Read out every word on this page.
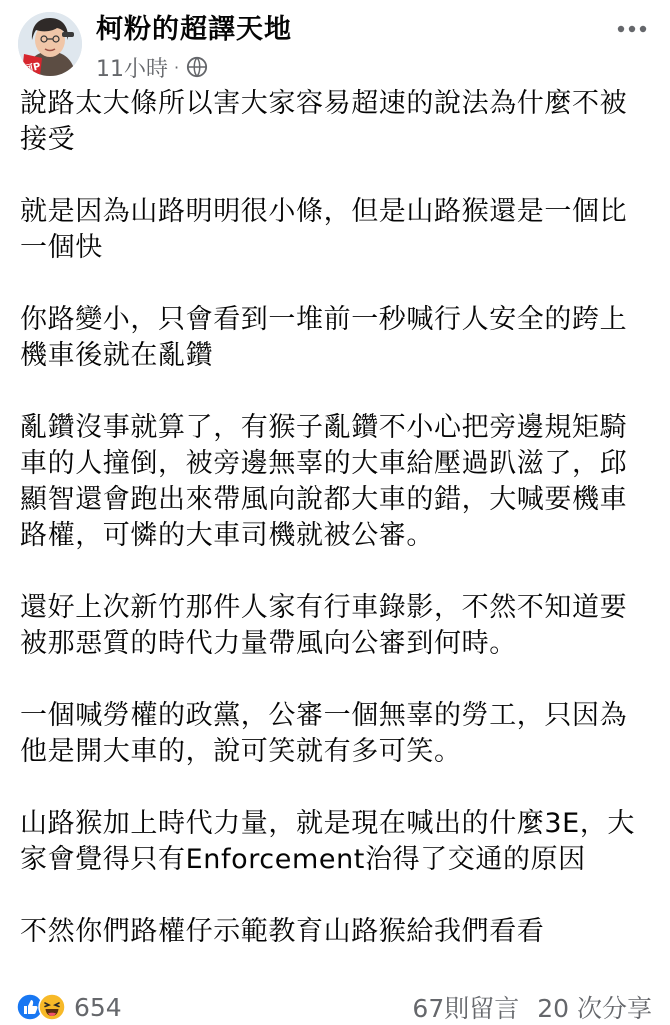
柯P
柯粉的超譯天地
11小時 ·

說路太大條所以害大家容易超速的說法為什麼不被接受

就是因為山路明明很小條，但是山路猴還是一個比一個快

你路變小，只會看到一堆前一秒喊行人安全的跨上機車後就在亂鑽

亂鑽沒事就算了，有猴子亂鑽不小心把旁邊規矩騎車的人撞倒，被旁邊無辜的大車給壓過趴滋了，邱顯智還會跑出來帶風向說都大車的錯，大喊要機車路權，可憐的大車司機就被公審。

還好上次新竹那件人家有行車錄影，不然不知道要被那惡質的時代力量帶風向公審到何時。

一個喊勞權的政黨，公審一個無辜的勞工，只因為他是開大車的，說可笑就有多可笑。

山路猴加上時代力量，就是現在喊出的什麼3E，大家會覺得只有Enforcement治得了交通的原因

不然你們路權仔示範教育山路猴給我們看看

654	67則留言 20 次分享
